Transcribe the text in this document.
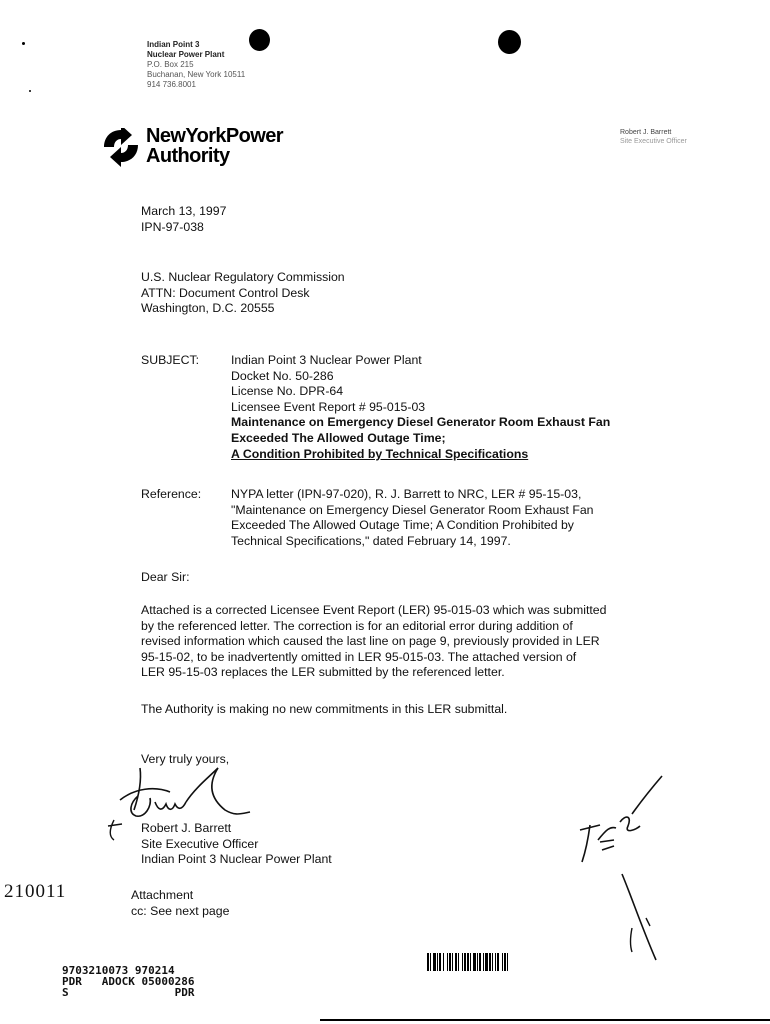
Indian Point 3
Nuclear Power Plant
P.O. Box 215
Buchanan, New York 10511
914 736.8001
NewYorkPower
Authority
Robert J. Barrett
Site Executive Officer
March 13, 1997
IPN-97-038
U.S. Nuclear Regulatory Commission
ATTN: Document Control Desk
Washington, D.C. 20555
SUBJECT:	Indian Point 3 Nuclear Power Plant
Docket No. 50-286
License No. DPR-64
Licensee Event Report # 95-015-03
Maintenance on Emergency Diesel Generator Room Exhaust Fan
Exceeded The Allowed Outage Time;
A Condition Prohibited by Technical Specifications
Reference: NYPA letter (IPN-97-020), R. J. Barrett to NRC, LER # 95-15-03,
"Maintenance on Emergency Diesel Generator Room Exhaust Fan
Exceeded The Allowed Outage Time; A Condition Prohibited by
Technical Specifications," dated February 14, 1997.
Dear Sir:
Attached is a corrected Licensee Event Report (LER) 95-015-03 which was submitted
by the referenced letter. The correction is for an editorial error during addition of
revised information which caused the last line on page 9, previously provided in LER
95-15-02, to be inadvertently omitted in LER 95-015-03. The attached version of
LER 95-15-03 replaces the LER submitted by the referenced letter.
The Authority is making no new commitments in this LER submittal.
Very truly yours,
Robert J. Barrett
Site Executive Officer
Indian Point 3 Nuclear Power Plant
210011	Attachment
cc: See next page
9703210073 970214
PDR   ADOCK 05000286
S                PDR
